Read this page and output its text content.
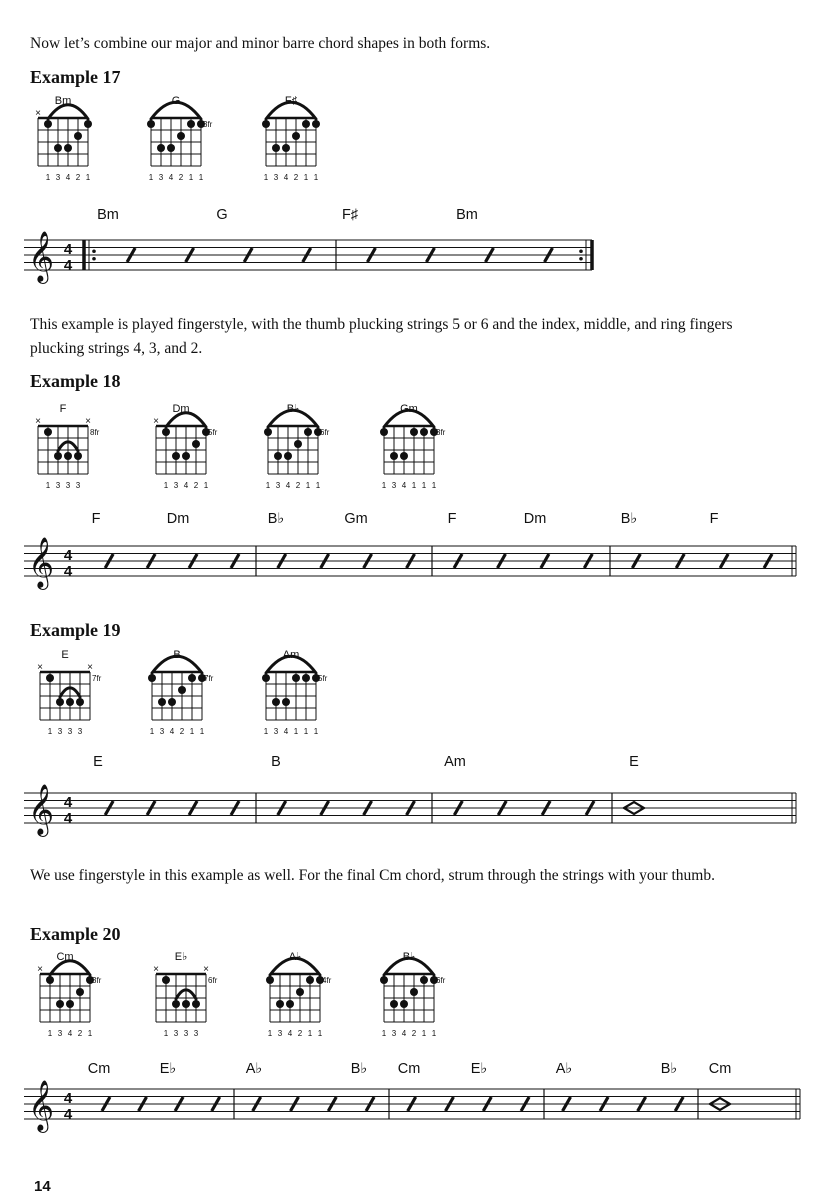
Now let’s combine our major and minor barre chord shapes in both forms.
Example 17
This example is played fingerstyle, with the thumb plucking strings 5 or 6 and the index, middle, and ring fingers plucking strings 4, 3, and 2.
Example 18
Example 19
We use fingerstyle in this example as well. For the final Cm chord, strum through the strings with your thumb.
Example 20
Bm
×
1 3 4 2 1
G
3fr
1 3 4 2 1 1
F♯
1 3 4 2 1 1
𝄞 4
4
Bm	G	F♯	Bm
F
×	×
8fr
1 3 3 3
Dm
×
5fr
1 3 4 2 1
B♭
6fr
1 3 4 2 1 1
Gm
3fr
1 3 4 1 1 1
𝄞 4
4
F	Dm	B♭	Gm	F	Dm	B♭	F
E
×	×
7fr
1 3 3 3
B
7fr
1 3 4 2 1 1
Am
5fr
1 3 4 1 1 1
𝄞 4
4
E	B	Am	E
Cm
×
3fr
1 3 4 2 1
E♭
×	×
6fr
1 3 3 3
A♭
4fr
1 3 4 2 1 1
B♭
6fr
1 3 4 2 1 1
𝄞 4
4
Cm	E♭	A♭	B♭ Cm	E♭	A♭	B♭ Cm
14
